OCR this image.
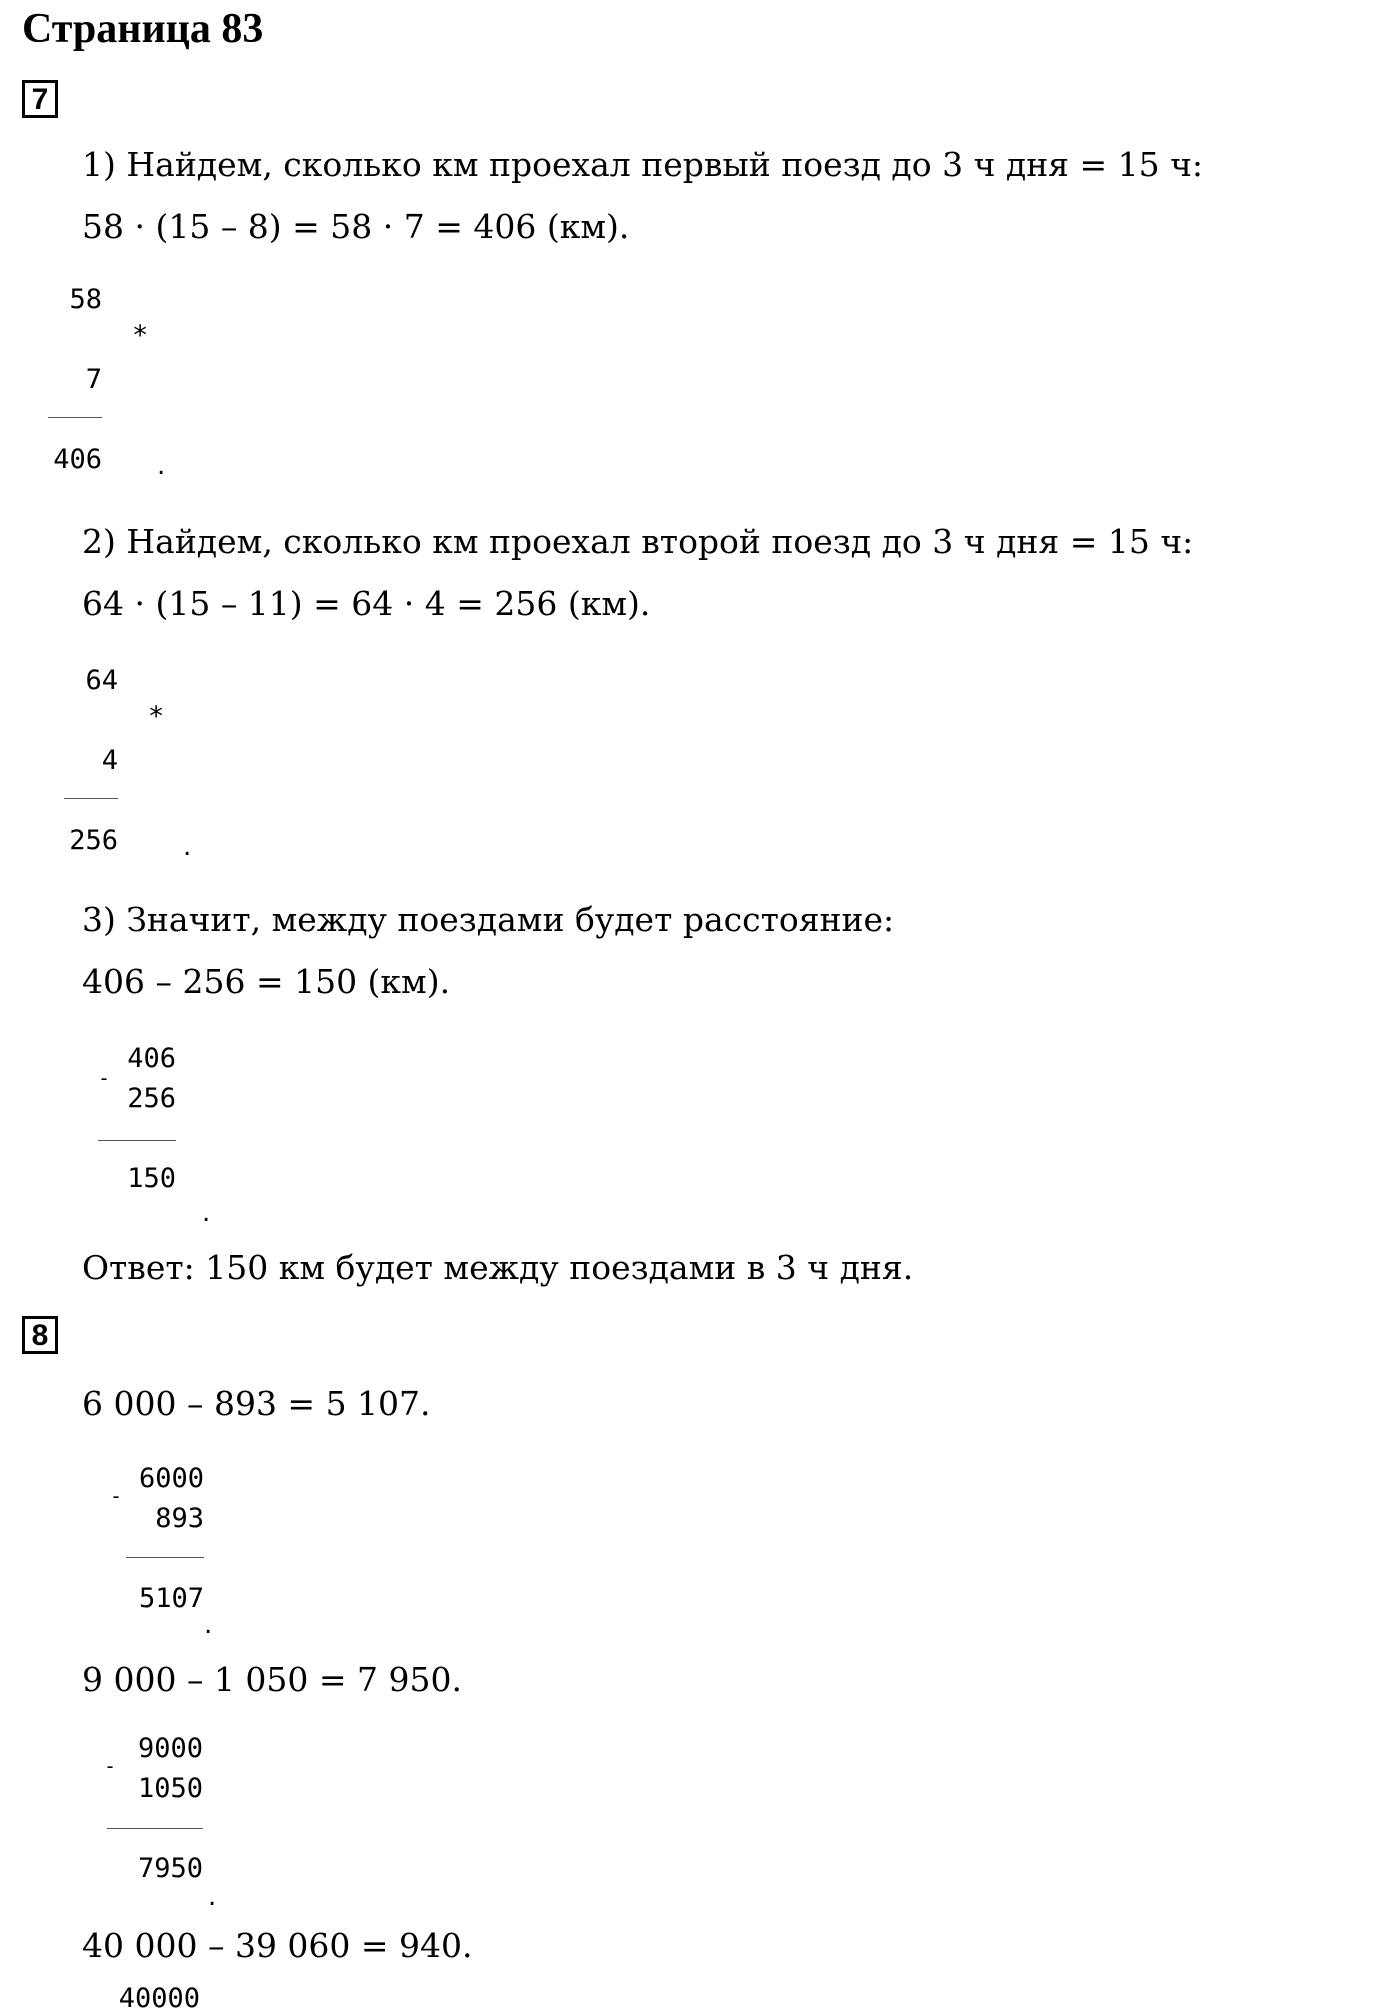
Страница 83
7
1) Найдем, сколько км проехал первый поезд до 3 ч дня = 15 ч:
58 · (15 – 8) = 58 · 7 = 406 (км).
58
*
7
406 .
2) Найдем, сколько км проехал второй поезд до 3 ч дня = 15 ч:
64 · (15 – 11) = 64 · 4 = 256 (км).
64
*
4
256	.
3) Значит, между поездами будет расстояние:
406 – 256 = 150 (км).
-
406
256
150
.
Ответ: 150 км будет между поездами в 3 ч дня.
8
6 000 – 893 = 5 107.
-
6000
893
5107
.
9 000 – 1 050 = 7 950.
-
9000
1050
7950
.
40 000 – 39 060 = 940.
40000
